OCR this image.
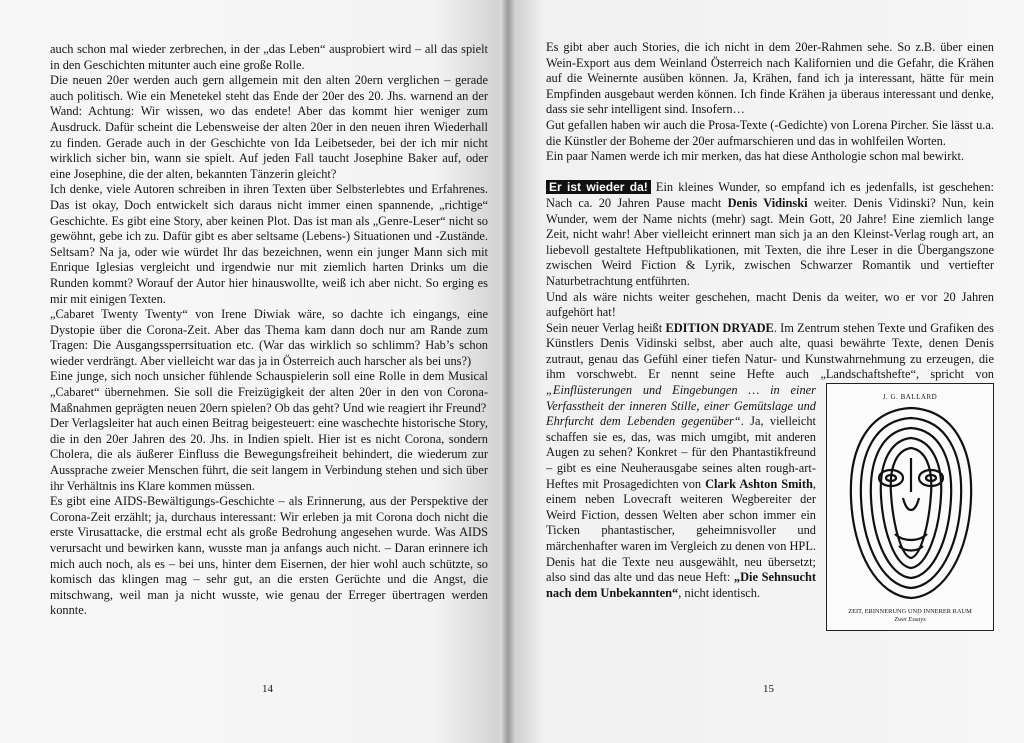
auch schon mal wieder zerbrechen, in der „das Leben“ ausprobiert wird – all das spielt in den Geschichten mitunter auch eine große Rolle.

Die neuen 20er werden auch gern allgemein mit den alten 20ern verglichen – gerade auch politisch. Wie ein Menetekel steht das Ende der 20er des 20. Jhs. warnend an der Wand: Achtung: Wir wissen, wo das endete! Aber das kommt hier weniger zum Ausdruck. Dafür scheint die Lebensweise der alten 20er in den neuen ihren Wiederhall zu finden. Gerade auch in der Geschichte von Ida Leibetseder, bei der ich mir nicht wirklich sicher bin, wann sie spielt. Auf jeden Fall taucht Josephine Baker auf, oder eine Josephine, die der alten, bekannten Tänzerin gleicht?

Ich denke, viele Autoren schreiben in ihren Texten über Selbsterlebtes und Erfahrenes. Das ist okay, Doch entwickelt sich daraus nicht immer einen spannende, „richtige“ Geschichte. Es gibt eine Story, aber keinen Plot. Das ist man als „Genre-Leser“ nicht so gewöhnt, gebe ich zu. Dafür gibt es aber seltsame (Lebens-) Situationen und -Zustände. Seltsam? Na ja, oder wie würdet Ihr das bezeichnen, wenn ein junger Mann sich mit Enrique Iglesias vergleicht und irgendwie nur mit ziemlich harten Drinks um die Runden kommt? Worauf der Autor hier hinauswollte, weiß ich aber nicht. So erging es mir mit einigen Texten.

„Cabaret Twenty Twenty“ von Irene Diwiak wäre, so dachte ich eingangs, eine Dystopie über die Corona-Zeit. Aber das Thema kam dann doch nur am Rande zum Tragen: Die Ausgangssperrsituation etc. (War das wirklich so schlimm? Hab’s schon wieder verdrängt. Aber vielleicht war das ja in Österreich auch harscher als bei uns?)

Eine junge, sich noch unsicher fühlende Schauspielerin soll eine Rolle in dem Musical „Cabaret“ übernehmen. Sie soll die Freizügigkeit der alten 20er in den von Corona-Maßnahmen geprägten neuen 20ern spielen? Ob das geht? Und wie reagiert ihr Freund?

Der Verlagsleiter hat auch einen Beitrag beigesteuert: eine waschechte historische Story, die in den 20er Jahren des 20. Jhs. in Indien spielt. Hier ist es nicht Corona, sondern Cholera, die als äußerer Einfluss die Bewegungsfreiheit behindert, die wiederum zur Aussprache zweier Menschen führt, die seit langem in Verbindung stehen und sich über ihr Verhältnis ins Klare kommen müssen.

Es gibt eine AIDS-Bewältigungs-Geschichte – als Erinnerung, aus der Perspektive der Corona-Zeit erzählt; ja, durchaus interessant: Wir erleben ja mit Corona doch nicht die erste Virusattacke, die erstmal echt als große Bedrohung angesehen wurde. Was AIDS verursacht und bewirken kann, wusste man ja anfangs auch nicht. – Daran erinnere ich mich auch noch, als es – bei uns, hinter dem Eisernen, der hier wohl auch schützte, so komisch das klingen mag – sehr gut, an die ersten Gerüchte und die Angst, die mitschwang, weil man ja nicht wusste, wie genau der Erreger übertragen werden konnte.

14

Es gibt aber auch Stories, die ich nicht in dem 20er-Rahmen sehe. So z.B. über einen Wein-Export aus dem Weinland Österreich nach Kalifornien und die Gefahr, die Krähen auf die Weinernte ausüben können. Ja, Krähen, fand ich ja interessant, hätte für mein Empfinden ausgebaut werden können. Ich finde Krähen ja überaus interessant und denke, dass sie sehr intelligent sind. Insofern…

Gut gefallen haben wir auch die Prosa-Texte (-Gedichte) von Lorena Pircher. Sie lässt u.a. die Künstler der Boheme der 20er aufmarschieren und das in wohlfeilen Worten.

Ein paar Namen werde ich mir merken, das hat diese Anthologie schon mal bewirkt.

Er ist wieder da! Ein kleines Wunder, so empfand ich es jedenfalls, ist geschehen: Nach ca. 20 Jahren Pause macht Denis Vidinski weiter. Denis Vidinski? Nun, kein Wunder, wem der Name nichts (mehr) sagt. Mein Gott, 20 Jahre! Eine ziemlich lange Zeit, nicht wahr! Aber vielleicht erinnert man sich ja an den Kleinst-Verlag rough art, an liebevoll gestaltete Heftpublikationen, mit Texten, die ihre Leser in die Übergangszone zwischen Weird Fiction & Lyrik, zwischen Schwarzer Romantik und vertiefter Naturbetrachtung entführten.

Und als wäre nichts weiter geschehen, macht Denis da weiter, wo er vor 20 Jahren aufgehört hat!

Sein neuer Verlag heißt EDITION DRYADE. Im Zentrum stehen Texte und Grafiken des Künstlers Denis Vidinski selbst, aber auch alte, quasi bewährte Texte, denen Denis zutraut, genau das Gefühl einer tiefen Natur- und Kunstwahrnehmung zu erzeugen, die ihm vorschwebt. Er nennt seine Hefte auch „Landschaftshefte“, spricht von
J. G. BALLARD
ZEIT, ERINNERUNG UND INNERER RAUM
Zwei Essays
„Einflüsterungen und Eingebungen … in einer Verfasstheit der inneren Stille, einer Gemütslage und Ehrfurcht dem Lebenden gegenüber“. Ja, vielleicht schaffen sie es, das, was mich umgibt, mit anderen Augen zu sehen? Konkret – für den Phantastikfreund – gibt es eine Neuherausgabe seines alten rough-art-Heftes mit Prosagedichten von Clark Ashton Smith, einem neben Lovecraft weiteren Wegbereiter der Weird Fiction, dessen Welten aber schon immer ein Ticken phantastischer, geheimnisvoller und märchenhafter waren im Vergleich zu denen von HPL. Denis hat die Texte neu ausgewählt, neu übersetzt; also sind das alte und das neue Heft: „Die Sehnsucht nach dem Unbekannten“, nicht identisch.

15
